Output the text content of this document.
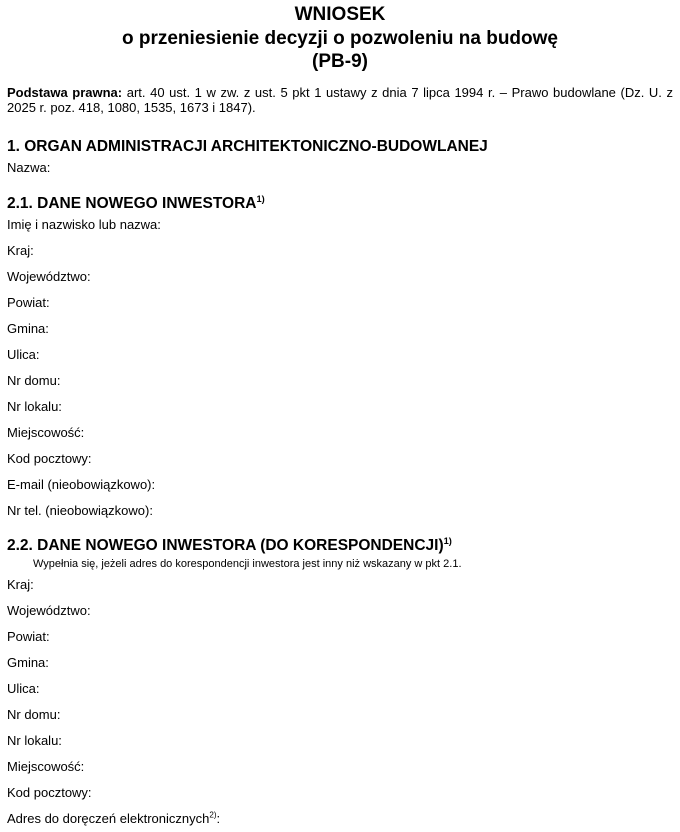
WNIOSEK
o przeniesienie decyzji o pozwoleniu na budowę
(PB-9)

Podstawa prawna: art. 40 ust. 1 w zw. z ust. 5 pkt 1 ustawy z dnia 7 lipca 1994 r. – Prawo budowlane (Dz. U. z 2025 r. poz. 418, 1080, 1535, 1673 i 1847).

1. ORGAN ADMINISTRACJI ARCHITEKTONICZNO-BUDOWLANEJ
Nazwa:
2.1. DANE NOWEGO INWESTORA$^{1)}$
Imię i nazwisko lub nazwa:
Kraj:
Województwo:
Powiat:
Gmina:
Ulica:
Nr domu:
Nr lokalu:
Miejscowość:
Kod pocztowy:
E-mail (nieobowiązkowo):
Nr tel. (nieobowiązkowo):
2.2. DANE NOWEGO INWESTORA (DO KORESPONDENCJI)$^{1)}$
Wypełnia się, jeżeli adres do korespondencji inwestora jest inny niż wskazany w pkt 2.1.
Kraj:
Województwo:
Powiat:
Gmina:
Ulica:
Nr domu:
Nr lokalu:
Miejscowość:
Kod pocztowy:
Adres do doręczeń elektronicznych$^{2)}$:
